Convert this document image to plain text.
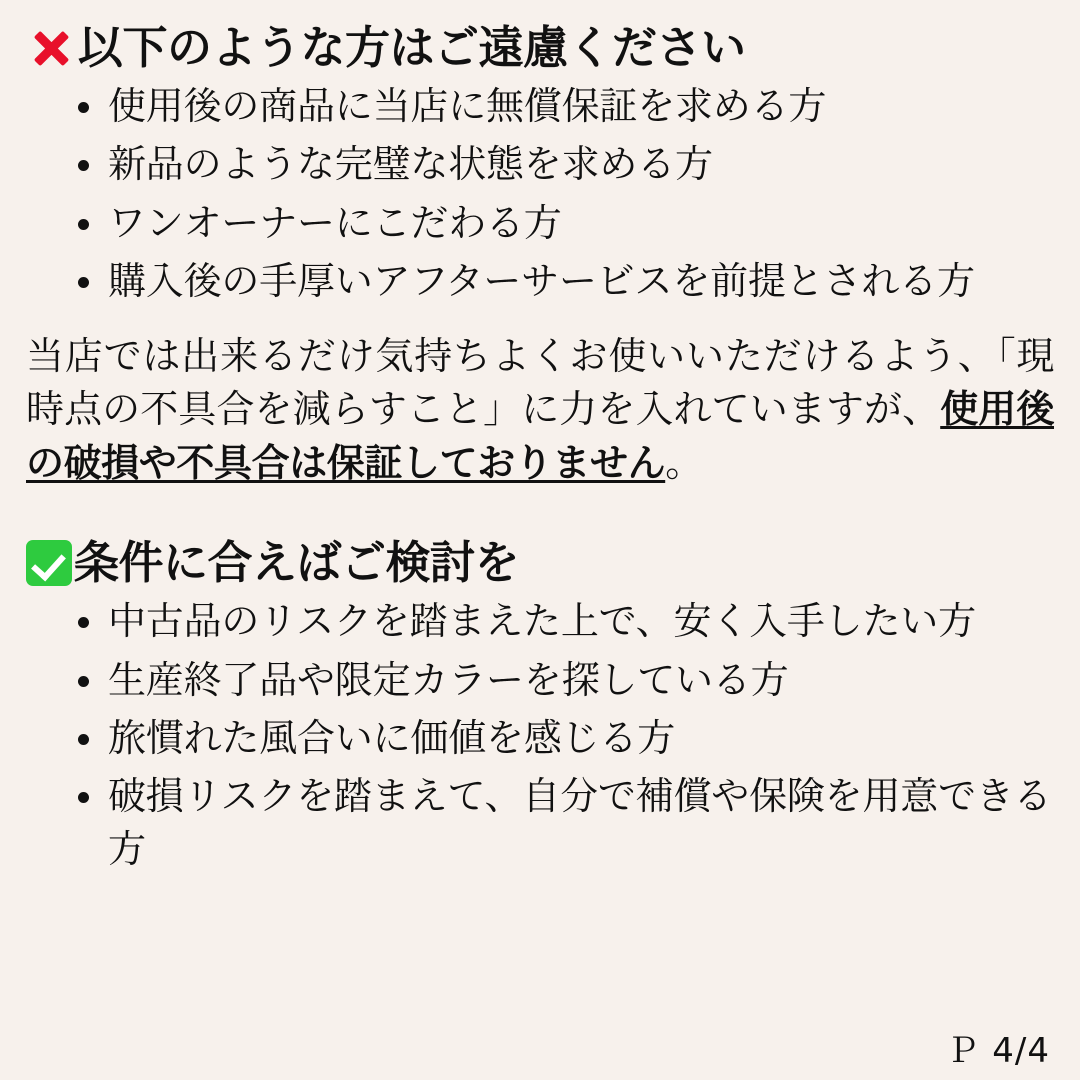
以下のような方はご遠慮ください
使用後の商品に当店に無償保証を求める方
新品のような完璧な状態を求める方
ワンオーナーにこだわる方
購入後の手厚いアフターサービスを前提とされる方

当店では出来るだけ気持ちよくお使いいただけるよう、「現時点の不具合を減らすこと」に力を入れていますが、使用後の破損や不具合は保証しておりません。

条件に合えばご検討を
中古品のリスクを踏まえた上で、安く入手したい方
生産終了品や限定カラーを探している方
旅慣れた風合いに価値を感じる方
破損リスクを踏まえて、自分で補償や保険を用意できる方
Ｐ 4/4
